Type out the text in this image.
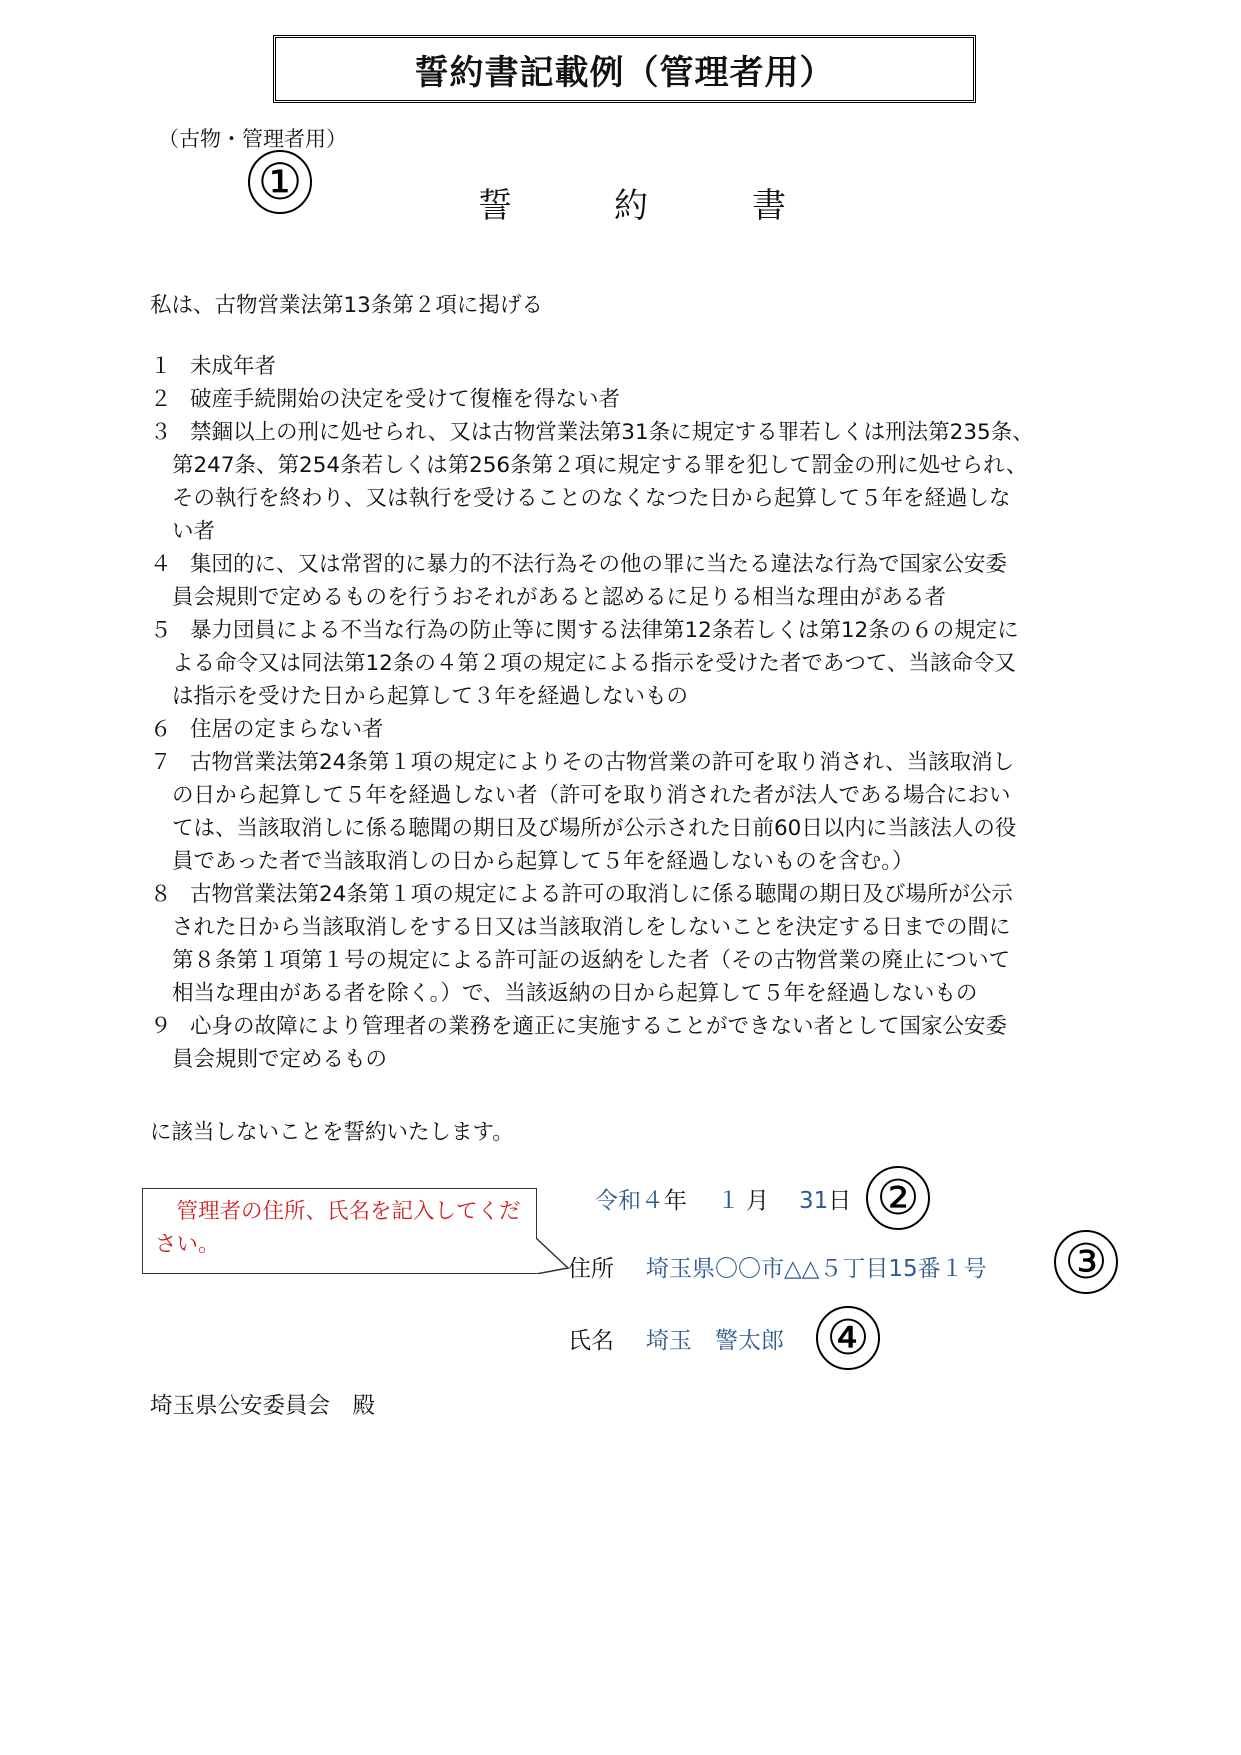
誓約書記載例（管理者用）
（古物・管理者用）
①	誓	約	書
私は、古物営業法第13条第２項に掲げる
１ 未成年者
２ 破産手続開始の決定を受けて復権を得ない者
３ 禁錮以上の刑に処せられ、又は古物営業法第31条に規定する罪若しくは刑法第235条、
第247条、第254条若しくは第256条第２項に規定する罪を犯して罰金の刑に処せられ、
その執行を終わり、又は執行を受けることのなくなつた日から起算して５年を経過しな
い者
４ 集団的に、又は常習的に暴力的不法行為その他の罪に当たる違法な行為で国家公安委
員会規則で定めるものを行うおそれがあると認めるに足りる相当な理由がある者
５ 暴力団員による不当な行為の防止等に関する法律第12条若しくは第12条の６の規定に
よる命令又は同法第12条の４第２項の規定による指示を受けた者であつて、当該命令又
は指示を受けた日から起算して３年を経過しないもの
６ 住居の定まらない者
７ 古物営業法第24条第１項の規定によりその古物営業の許可を取り消され、当該取消し
の日から起算して５年を経過しない者（許可を取り消された者が法人である場合におい
ては、当該取消しに係る聴聞の期日及び場所が公示された日前60日以内に当該法人の役
員であった者で当該取消しの日から起算して５年を経過しないものを含む。）
８ 古物営業法第24条第１項の規定による許可の取消しに係る聴聞の期日及び場所が公示
された日から当該取消しをする日又は当該取消しをしないことを決定する日までの間に
第８条第１項第１号の規定による許可証の返納をした者（その古物営業の廃止について
相当な理由がある者を除く。）で、当該返納の日から起算して５年を経過しないもの
９ 心身の故障により管理者の業務を適正に実施することができない者として国家公安委
員会規則で定めるもの
に該当しないことを誓約いたします。
令和４年 １ 月 31日 ②
　管理者の住所、氏名を記入してください。
住所 埼玉県〇〇市△△５丁目15番１号 ③
氏名 埼玉　警太郎 ④
埼玉県公安委員会　殿
